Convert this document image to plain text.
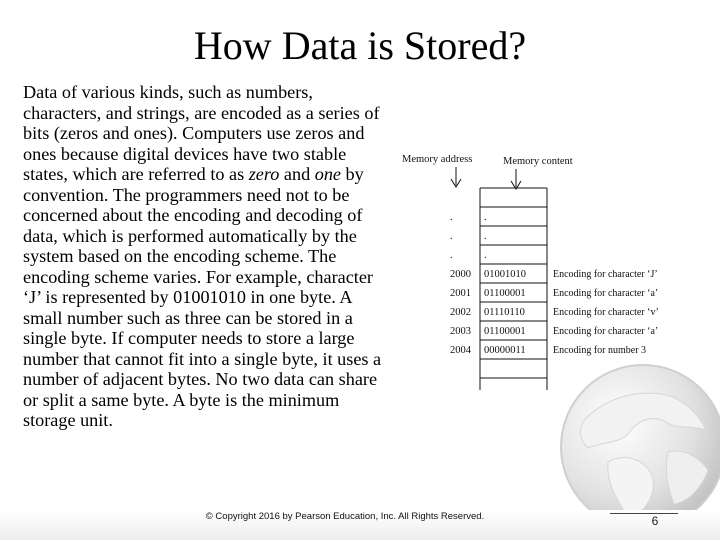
How Data is Stored?

Data of various kinds, such as numbers, characters, and strings, are encoded as a series of bits (zeros and ones). Computers use zeros and ones because digital devices have two stable states, which are referred to as zero and one by convention. The programmers need not to be concerned about the encoding and decoding of data, which is performed automatically by the system based on the encoding scheme. The encoding scheme varies. For example, character ‘J’ is represented by 01001010 in one byte. A small number such as three can be stored in a single byte. If computer needs to store a large number that cannot fit into a single byte, it uses a number of adjacent bytes. No two data can share or split a same byte. A byte is the minimum storage unit.

Memory address	Memory content
.	.
.	.
.	.
2000 01001010	Encoding for character ‘J’
2001 01100001	Encoding for character ‘a’
2002 01110110	Encoding for character ‘v’
2003 01100001	Encoding for character ‘a’
2004 00000011	Encoding for number 3
© Copyright 2016 by Pearson Education, Inc. All Rights Reserved.	6
